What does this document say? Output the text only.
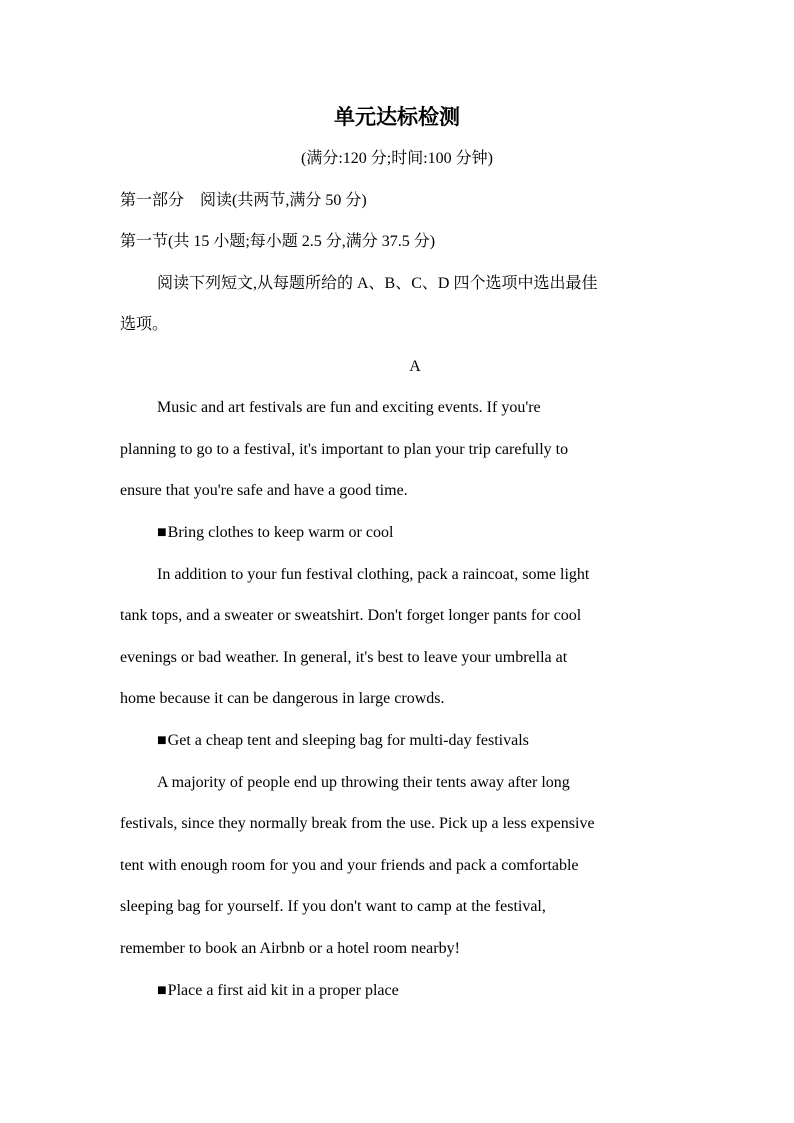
单元达标检测
(满分:120 分;时间:100 分钟)
第一部分　阅读(共两节,满分 50 分)
第一节(共 15 小题;每小题 2.5 分,满分 37.5 分)
阅读下列短文,从每题所给的 A、B、C、D 四个选项中选出最佳
选项。
A
Music and art festivals are fun and exciting events. If you're
planning to go to a festival, it's important to plan your trip carefully to
ensure that you're safe and have a good time.
■Bring clothes to keep warm or cool
In addition to your fun festival clothing, pack a raincoat, some light
tank tops, and a sweater or sweatshirt. Don't forget longer pants for cool
evenings or bad weather. In general, it's best to leave your umbrella at
home because it can be dangerous in large crowds.
■Get a cheap tent and sleeping bag for multi-day festivals
A majority of people end up throwing their tents away after long
festivals, since they normally break from the use. Pick up a less expensive
tent with enough room for you and your friends and pack a comfortable
sleeping bag for yourself. If you don't want to camp at the festival,
remember to book an Airbnb or a hotel room nearby!
■Place a first aid kit in a proper place
